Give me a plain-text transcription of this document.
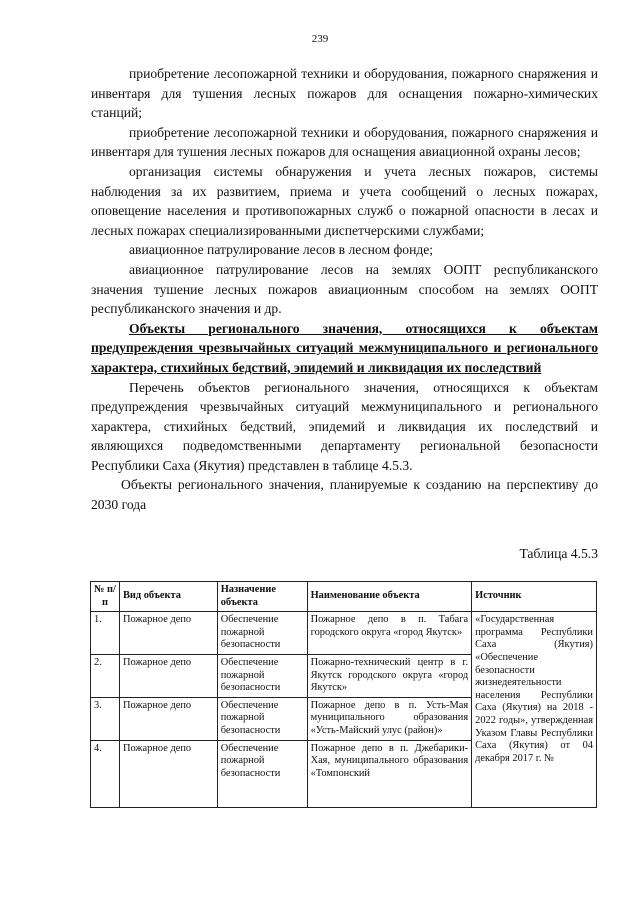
239

приобретение лесопожарной техники и оборудования, пожарного снаряжения и инвентаря для тушения лесных пожаров для оснащения пожарно-химических станций;

приобретение лесопожарной техники и оборудования, пожарного снаряжения и инвентаря для тушения лесных пожаров для оснащения авиационной охраны лесов;

организация системы обнаружения и учета лесных пожаров, системы наблюдения за их развитием, приема и учета сообщений о лесных пожарах, оповещение населения и противопожарных служб о пожарной опасности в лесах и лесных пожарах специализированными диспетчерскими службами;

авиационное патрулирование лесов в лесном фонде;

авиационное патрулирование лесов на землях ООПТ республиканского значения тушение лесных пожаров авиационным способом на землях ООПТ республиканского значения и др.

Объекты регионального значения, относящихся к объектам предупреждения чрезвычайных ситуаций межмуниципального и регионального характера, стихийных бедствий, эпидемий и ликвидация их последствий

Перечень объектов регионального значения, относящихся к объектам предупреждения чрезвычайных ситуаций межмуниципального и регионального характера, стихийных бедствий, эпидемий и ликвидация их последствий и являющихся подведомственными департаменту региональной безопасности Республики Саха (Якутия) представлен в таблице 4.5.3.

Объекты регионального значения, планируемые к созданию на перспективу до 2030 года

Таблица 4.5.3
№ п/п	Вид объекта	Назначение объекта	Наименование объекта	Источник
1.	Пожарное депо	Обеспечение пожарной безопасности	Пожарное депо в п. Табага городского округа «город Якутск»	«Государственная программа Республики Саха (Якутия) «Обеспечение безопасности жизнедеятельности населения Республики Саха (Якутия) на 2018 - 2022 годы», утвержденная Указом Главы Республики Саха (Якутия) от 04 декабря 2017 г. №
2.	Пожарное депо	Обеспечение пожарной безопасности	Пожарно-технический центр в г. Якутск городского округа «город Якутск»	
3.	Пожарное депо	Обеспечение пожарной безопасности	Пожарное депо в п. Усть-Мая муниципального образования «Усть-Майский улус (район)»	
4.	Пожарное депо	Обеспечение пожарной безопасности	Пожарное депо в п. Джебарики-Хая, муниципального образования «Томпонский	
